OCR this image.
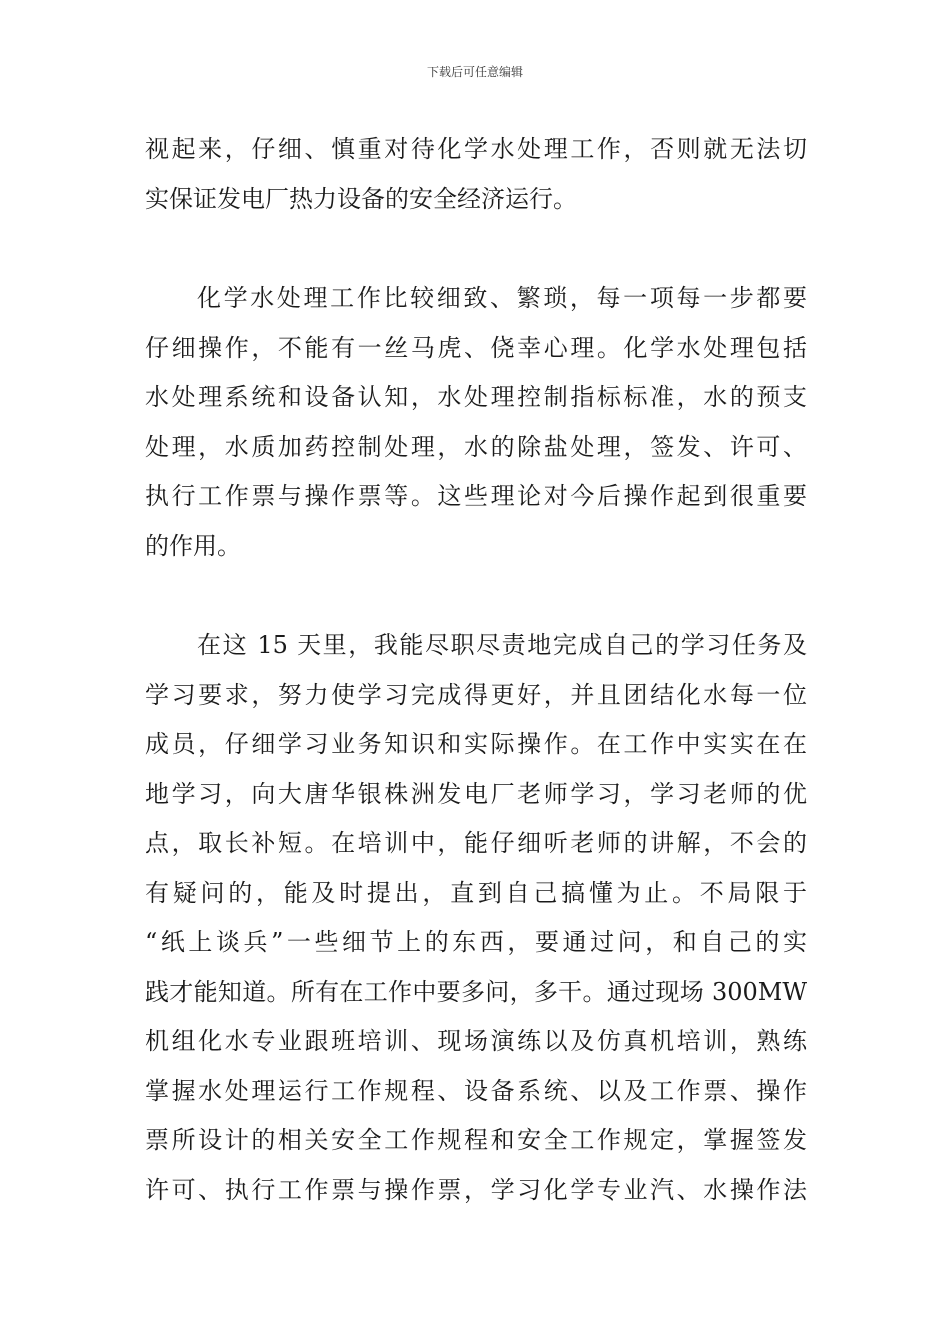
下载后可任意编辑
视起来，仔细、慎重对待化学水处理工作，否则就无法切
实保证发电厂热力设备的安全经济运行。
化学水处理工作比较细致、繁琐，每一项每一步都要
仔细操作，不能有一丝马虎、侥幸心理。化学水处理包括
水处理系统和设备认知，水处理控制指标标准，水的预支
处理，水质加药控制处理，水的除盐处理，签发、许可、
执行工作票与操作票等。这些理论对今后操作起到很重要
的作用。
在这 15 天里，我能尽职尽责地完成自己的学习任务及
学习要求，努力使学习完成得更好，并且团结化水每一位
成员，仔细学习业务知识和实际操作。在工作中实实在在
地学习，向大唐华银株洲发电厂老师学习，学习老师的优
点，取长补短。在培训中，能仔细听老师的讲解，不会的
有疑问的，能及时提出，直到自己搞懂为止。不局限于
“纸上谈兵”一些细节上的东西，要通过问，和自己的实
践才能知道。所有在工作中要多问，多干。通过现场 300MW
机组化水专业跟班培训、现场演练以及仿真机培训，熟练
掌握水处理运行工作规程、设备系统、以及工作票、操作
票所设计的相关安全工作规程和安全工作规定，掌握签发
许可、执行工作票与操作票，学习化学专业汽、水操作法
